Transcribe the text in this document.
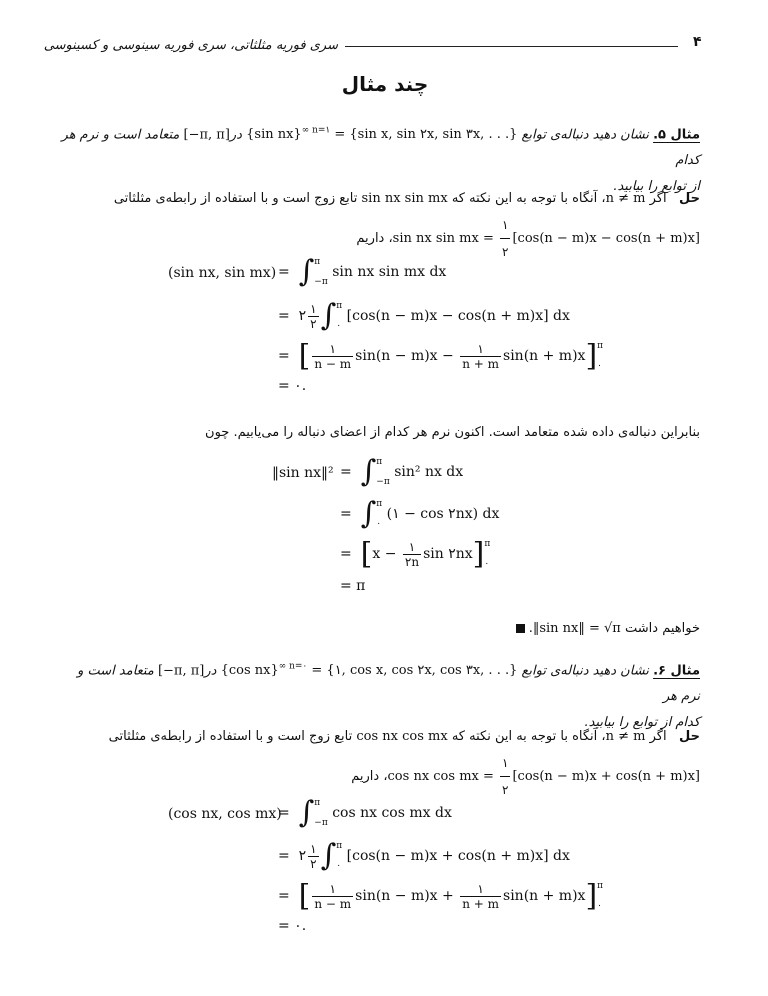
۴
سری فوریه مثلثاتی، سری فوریه سینوسی و کسینوسی
چند مثال
مثال ۵. نشان دهید دنباله‌ی توابع {sin nx}$^{\infty n=۱}$ = {sin x, sin ۲x, sin ۳x, . . .} در[−π, π] متعامد است و نرم هر کدام
از توابع را بیابید.
حل   اگر n ≠ m، آنگاه با توجه به این نکته که sin nx sin mx تابع زوج است و با استفاده از رابطه‌ی مثلثاتی
sin nx sin mx = $\frac{۱}{۲} [\cos(n - m)x - \cos(n$ + m)x]، داریم
(sin nx, sin mx) = ∫ π
−π
sin nx sin mx dx
= ۲ $\frac{۱}{۲}$ ∫ π
۰
[cos(n − m)x − cos(n + m)x] dx
= [ $\frac{۱}{n - m} \sin(n - m)x - \frac{۱}{n + m} \sin(n + m)x$] π
۰
= ۰.
بنابراین دنباله‌ی داده شده متعامد است. اکنون نرم هر کدام از اعضای دنباله را می‌یابیم. چون
‖sin nx‖² = ∫ π
−π
sin² nx dx
= ∫ π
۰
(۱ − cos ۲nx) dx
= [$x - \frac{۱}{۲n}$ sin ۲nx] π
۰
= π
خواهیم داشت ‖sin nx‖ = √π.
مثال ۶. نشان دهید دنباله‌ی توابع {cos nx}$^{\infty n=۰}$ = {۱, cos x, cos ۲x, cos ۳x, . . .} در[−π, π] متعامد است و نرم هر
کدام از توابع را بیابید.
حل   اگر n ≠ m، آنگاه با توجه به این نکته که cos nx cos mx تابع زوج است و با استفاده از رابطه‌ی مثلثاتی
cos nx cos mx = $\frac{۱}{۲} [\cos(n - m)x + \cos(n$ + m)x]، داریم
(cos nx, cos mx)
= ∫ π
−π
cos nx cos mx dx
= ۲ $\frac{۱}{۲}$ ∫ π
۰
[cos(n − m)x + cos(n + m)x] dx
= [ $\frac{۱}{n - m} \sin(n - m)x + \frac{۱}{n + m} \sin(n + m)x$] π
۰
= ۰.
